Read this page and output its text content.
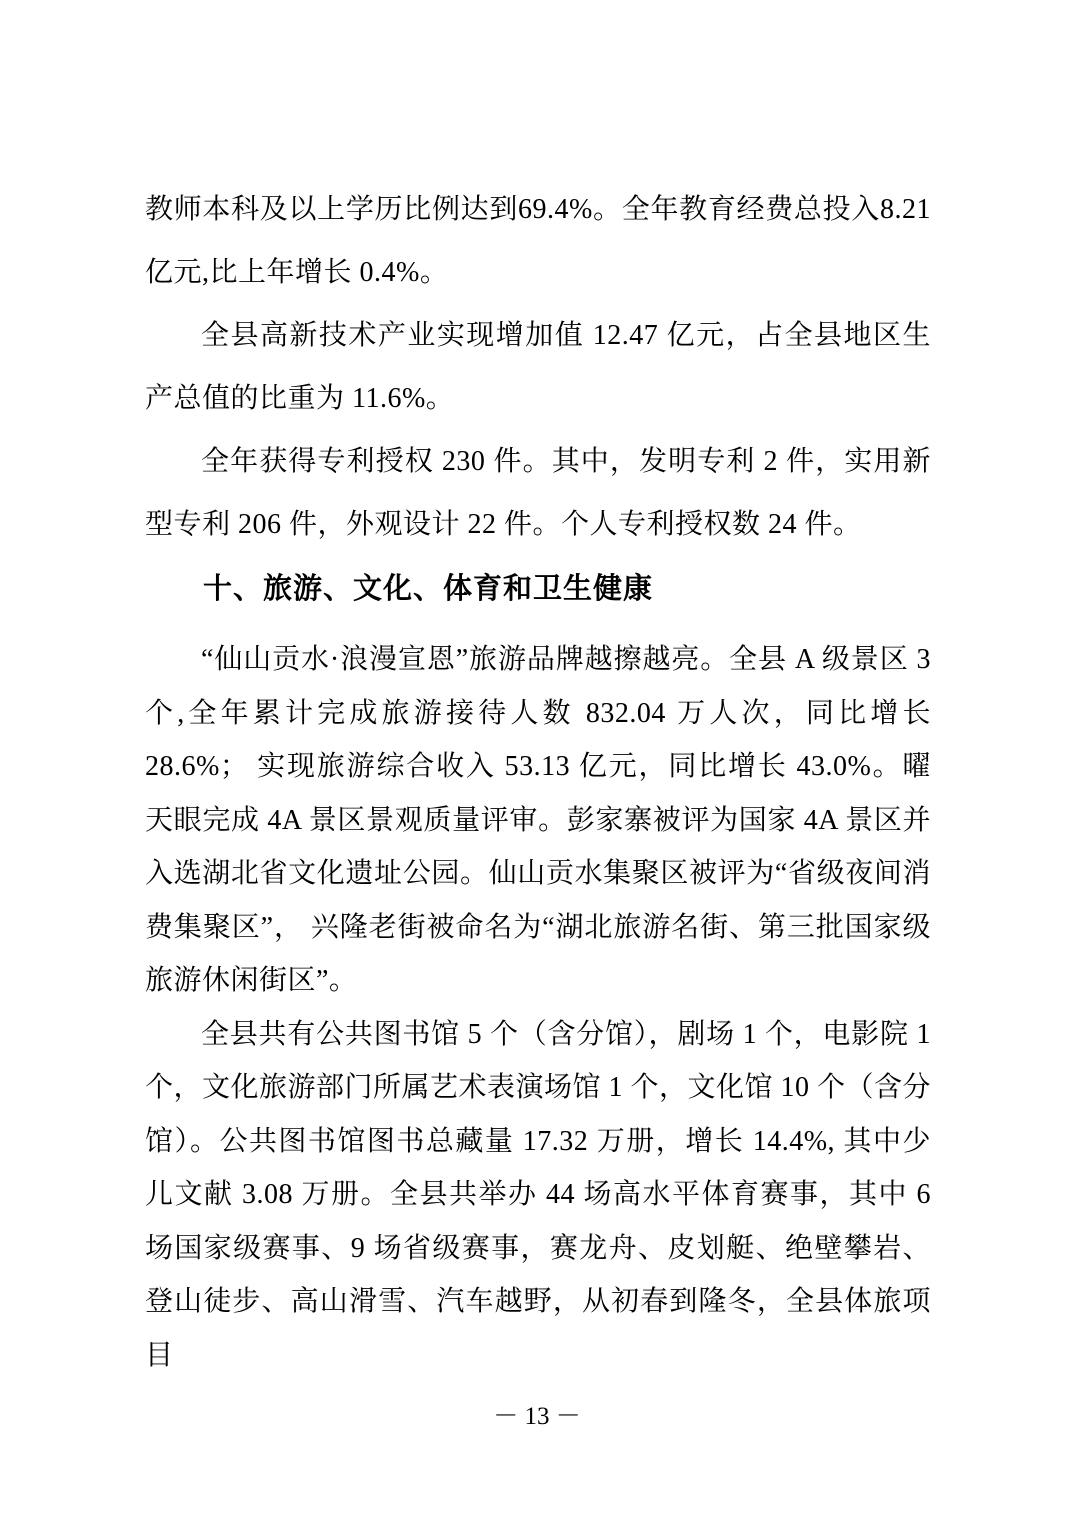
教师本科及以上学历比例达到69.4%。全年教育经费总投入8.21亿元,比上年增长 0.4%。

全县高新技术产业实现增加值 12.47 亿元，占全县地区生产总值的比重为 11.6%。

全年获得专利授权 230 件。其中，发明专利 2 件，实用新型专利 206 件，外观设计 22 件。个人专利授权数 24 件。

十、旅游、文化、体育和卫生健康

“仙山贡水·浪漫宣恩”旅游品牌越擦越亮。全县 A 级景区 3 个,全年累计完成旅游接待人数 832.04 万人次，同比增长 28.6%； 实现旅游综合收入 53.13 亿元，同比增长 43.0%。曜天眼完成 4A 景区景观质量评审。彭家寨被评为国家 4A 景区并入选湖北省文化遗址公园。仙山贡水集聚区被评为“省级夜间消费集聚区”， 兴隆老街被命名为“湖北旅游名街、第三批国家级旅游休闲街区”。

全县共有公共图书馆 5 个（含分馆），剧场 1 个，电影院 1 个，文化旅游部门所属艺术表演场馆 1 个，文化馆 10 个（含分馆）。公共图书馆图书总藏量 17.32 万册，增长 14.4%, 其中少儿文献 3.08 万册。全县共举办 44 场高水平体育赛事，其中 6 场国家级赛事、9 场省级赛事，赛龙舟、皮划艇、绝壁攀岩、登山徒步、高山滑雪、汽车越野，从初春到隆冬，全县体旅项目

－ 13 －
